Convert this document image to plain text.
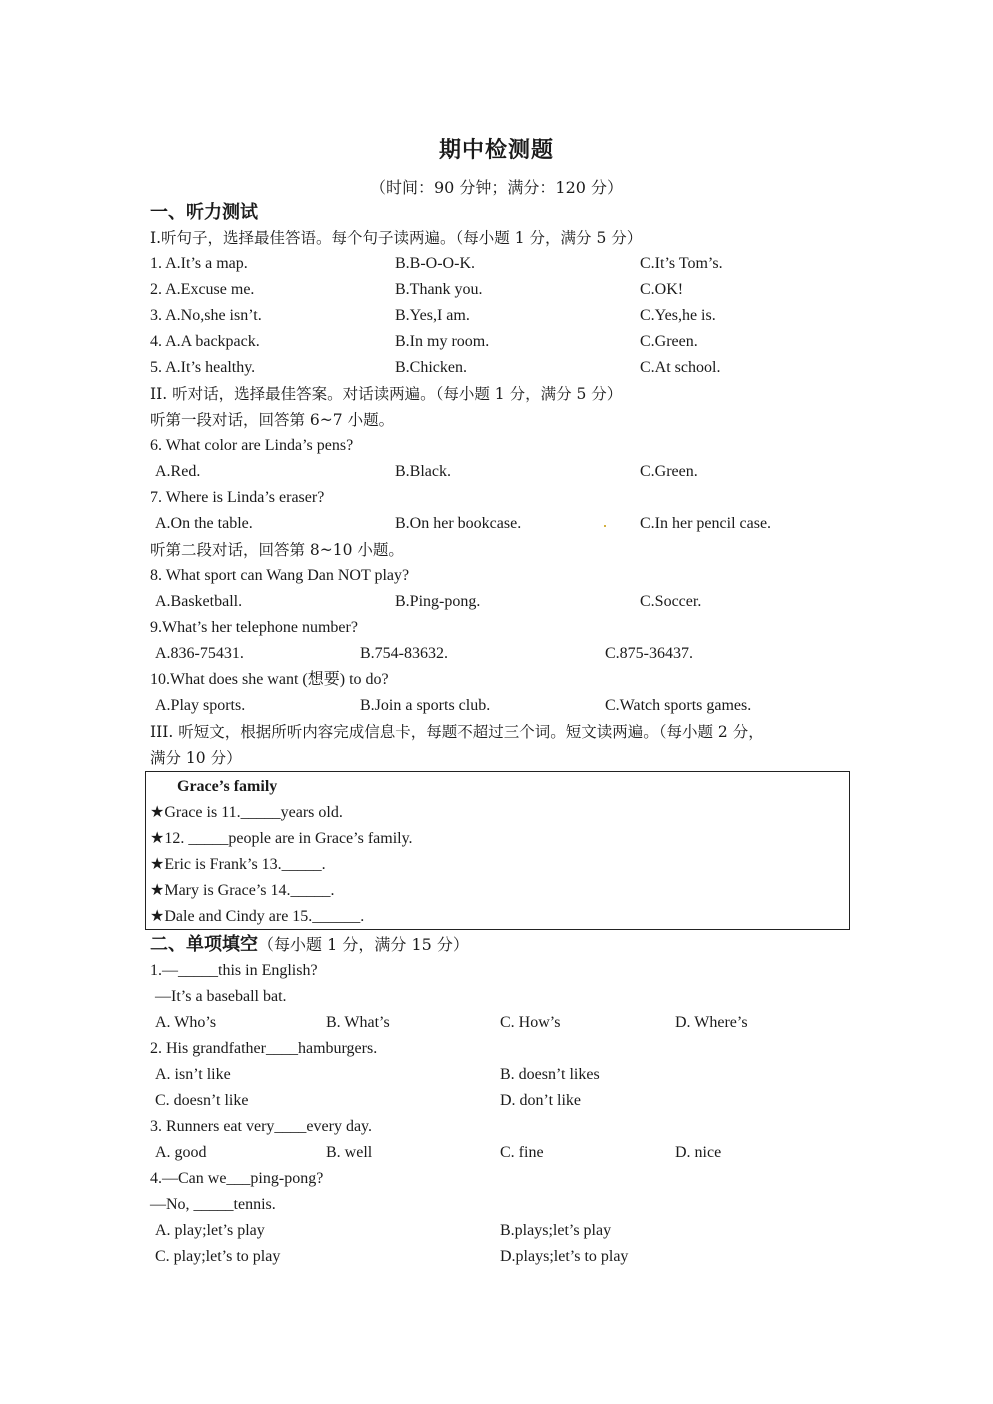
期中检测题
（时间：90 分钟；满分：120 分）
一、听力测试
Ⅰ.听句子，选择最佳答语。每个句子读两遍。（每小题 1 分，满分 5 分）
1. A.It’s a map.	B.B-O-O-K.	C.It’s Tom’s.
2. A.Excuse me.	B.Thank you.	C.OK!
3. A.No,she isn’t.	B.Yes,I am.	C.Yes,he is.
4. A.A backpack.	B.In my room.	C.Green.
5. A.It’s healthy.	B.Chicken.	C.At school.
II. 听对话，选择最佳答案。对话读两遍。（每小题 1 分，满分 5 分）
听第一段对话，回答第 6~7 小题。
6. What color are Linda’s pens?
A.Red.	B.Black.	C.Green.
7. Where is Linda’s eraser?
A.On the table.	B.On her bookcase.	C.In her pencil case.
听第二段对话，回答第 8~10 小题。
8. What sport can Wang Dan NOT play?
A.Basketball.	B.Ping-pong.	C.Soccer.
9.What’s her telephone number?
A.836-75431.	B.754-83632.	C.875-36437.
10.What does she want (想要) to do?
A.Play sports.	B.Join a sports club.	C.Watch sports games.
III. 听短文，根据所听内容完成信息卡，每题不超过三个词。短文读两遍。（每小题 2 分，
满分 10 分）
Grace’s family
★Grace is 11._____years old.
★12. _____people are in Grace’s family.
★Eric is Frank’s 13._____.
★Mary is Grace’s 14._____.
★Dale and Cindy are 15.______.
二、单项填空（每小题 1 分，满分 15 分）
1.—_____this in English?
—It’s a baseball bat.
A. Who’s	B. What’s	C. How’s	D. Where’s
2. His grandfather____hamburgers.
A. isn’t like	B. doesn’t likes
C. doesn’t like	D. don’t like
3. Runners eat very____every day.
A. good	B. well	C. fine	D. nice
4.—Can we___ping-pong?
—No, _____tennis.
A. play;let’s play	B.plays;let’s play
C. play;let’s to play	D.plays;let’s to play
